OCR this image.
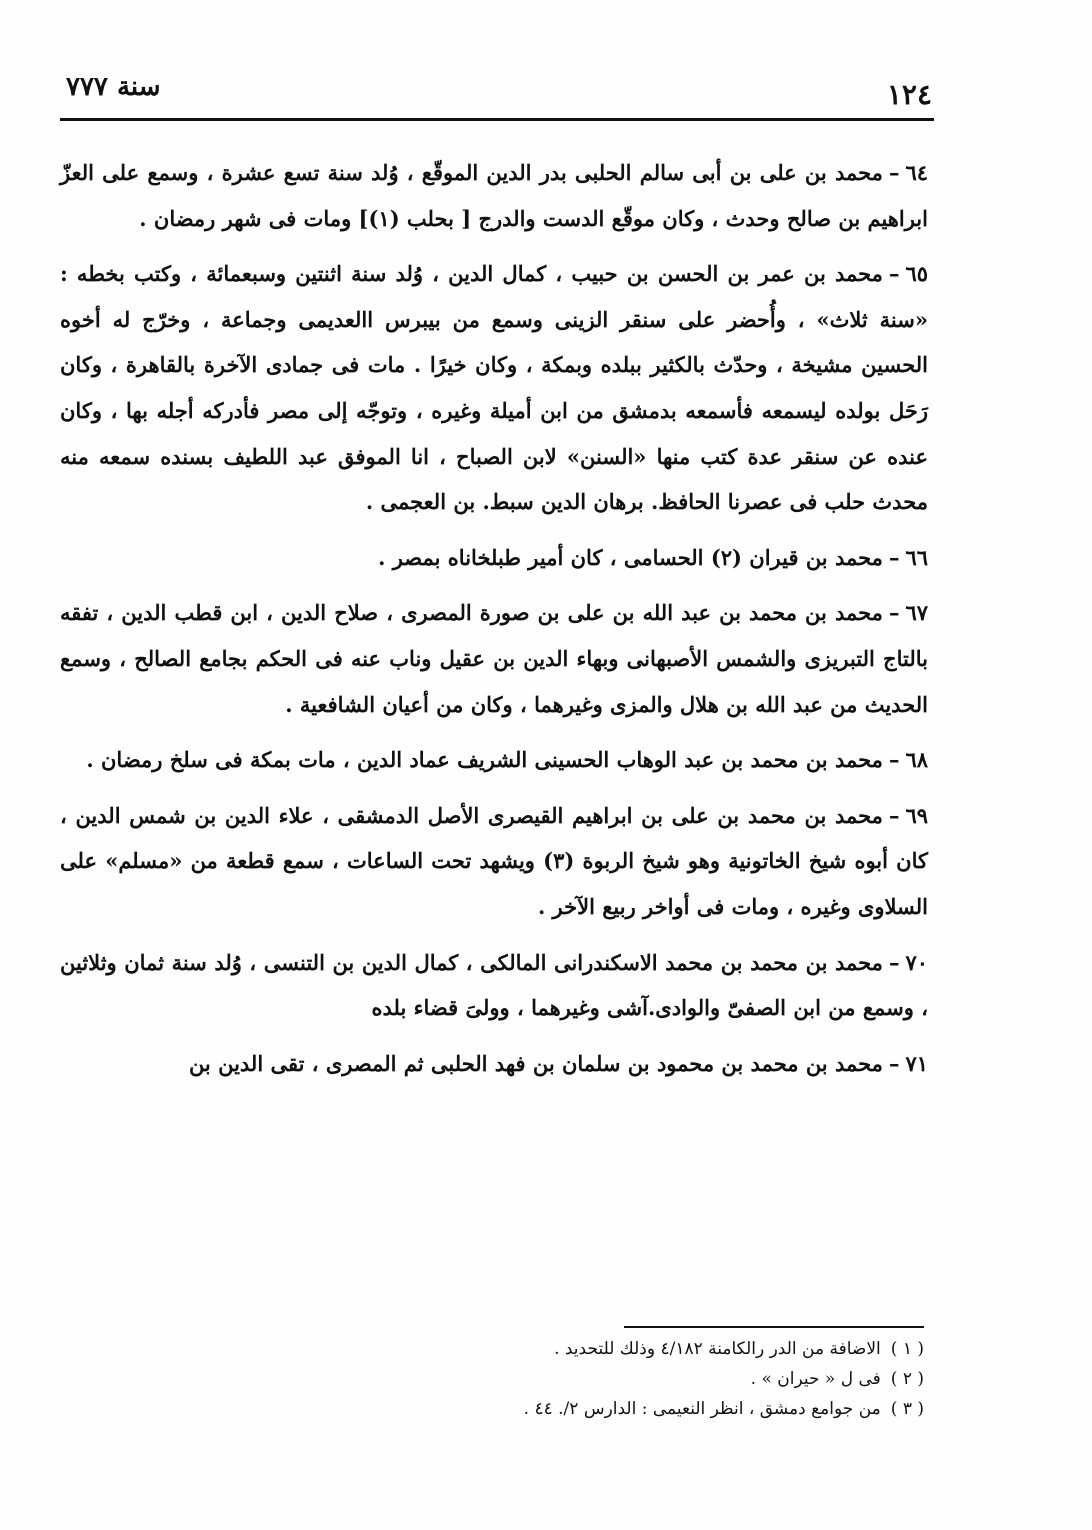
١٢٤
سنة ٧٧٧

٦٤–محمد بن على بن أبى سالم الحلبى بدر الدين الموقّع ، وُلد سنة تسع عشرة ، وسمع على العزّ ابراهيم بن صالح وحدث ، وكان موقّع الدست والدرج [ بحلب (١)] ومات فى شهر رمضان .

٦٥–محمد بن عمر بن الحسن بن حبيب ، كمال الدين ، وُلد سنة اثنتين وسبعمائة ، وكتب بخطه : «سنة ثلاث» ، وأُحضر على سنقر الزينى وسمع من بيبرس االعديمى وجماعة ، وخرّج له أخوه الحسين مشيخة ، وحدّث بالكثير ببلده وبمكة ، وكان خيرًا . مات فى جمادى الآخرة بالقاهرة ، وكان رَحَل بولده ليسمعه فأسمعه بدمشق من ابن أميلة وغيره ، وتوجّه إلى مصر فأدركه أجله بها ، وكان عنده عن سنقر عدة كتب منها «السنن» لابن الصباح ، انا الموفق عبد اللطيف بسنده سمعه منه محدث حلب فى عصرنا الحافظ. برهان الدين سبط. بن العجمى .

٦٦–محمد بن قيران (٢) الحسامى ، كان أمير طبلخاناه بمصر .

٦٧–محمد بن محمد بن عبد الله بن على بن صورة المصرى ، صلاح الدين ، ابن قطب الدين ، تفقه بالتاج التبريزى والشمس الأصبهانى وبهاء الدين بن عقيل وناب عنه فى الحكم بجامع الصالح ، وسمع الحديث من عبد الله بن هلال والمزى وغيرهما ، وكان من أعيان الشافعية .

٦٨–محمد بن محمد بن عبد الوهاب الحسينى الشريف عماد الدين ، مات بمكة فى سلخ رمضان .

٦٩–محمد بن محمد بن على بن ابراهيم القيصرى الأصل الدمشقى ، علاء الدين بن شمس الدين ، كان أبوه شيخ الخاتونية وهو شيخ الربوة (٣) ويشهد تحت الساعات ، سمع قطعة من «مسلم» على السلاوى وغيره ، ومات فى أواخر ربيع الآخر .

٧٠–محمد بن محمد بن محمد الاسكندرانى المالكى ، كمال الدين بن التنسى ، وُلد سنة ثمان وثلاثين ، وسمع من ابن الصفىّ والوادى.آشى وغيرهما ، وولىَ قضاء بلده

٧١–محمد بن محمد بن محمود بن سلمان بن فهد الحلبى ثم المصرى ، تقى الدين بن

( ١ )الاضافة من الدر رالكامنة ٤/١٨٢ وذلك للتحديد .

( ٢ )فى ل « حيران » .

( ٣ )من جوامع دمشق ، انظر النعيمى : الدارس ٢/. ٤٤ .
